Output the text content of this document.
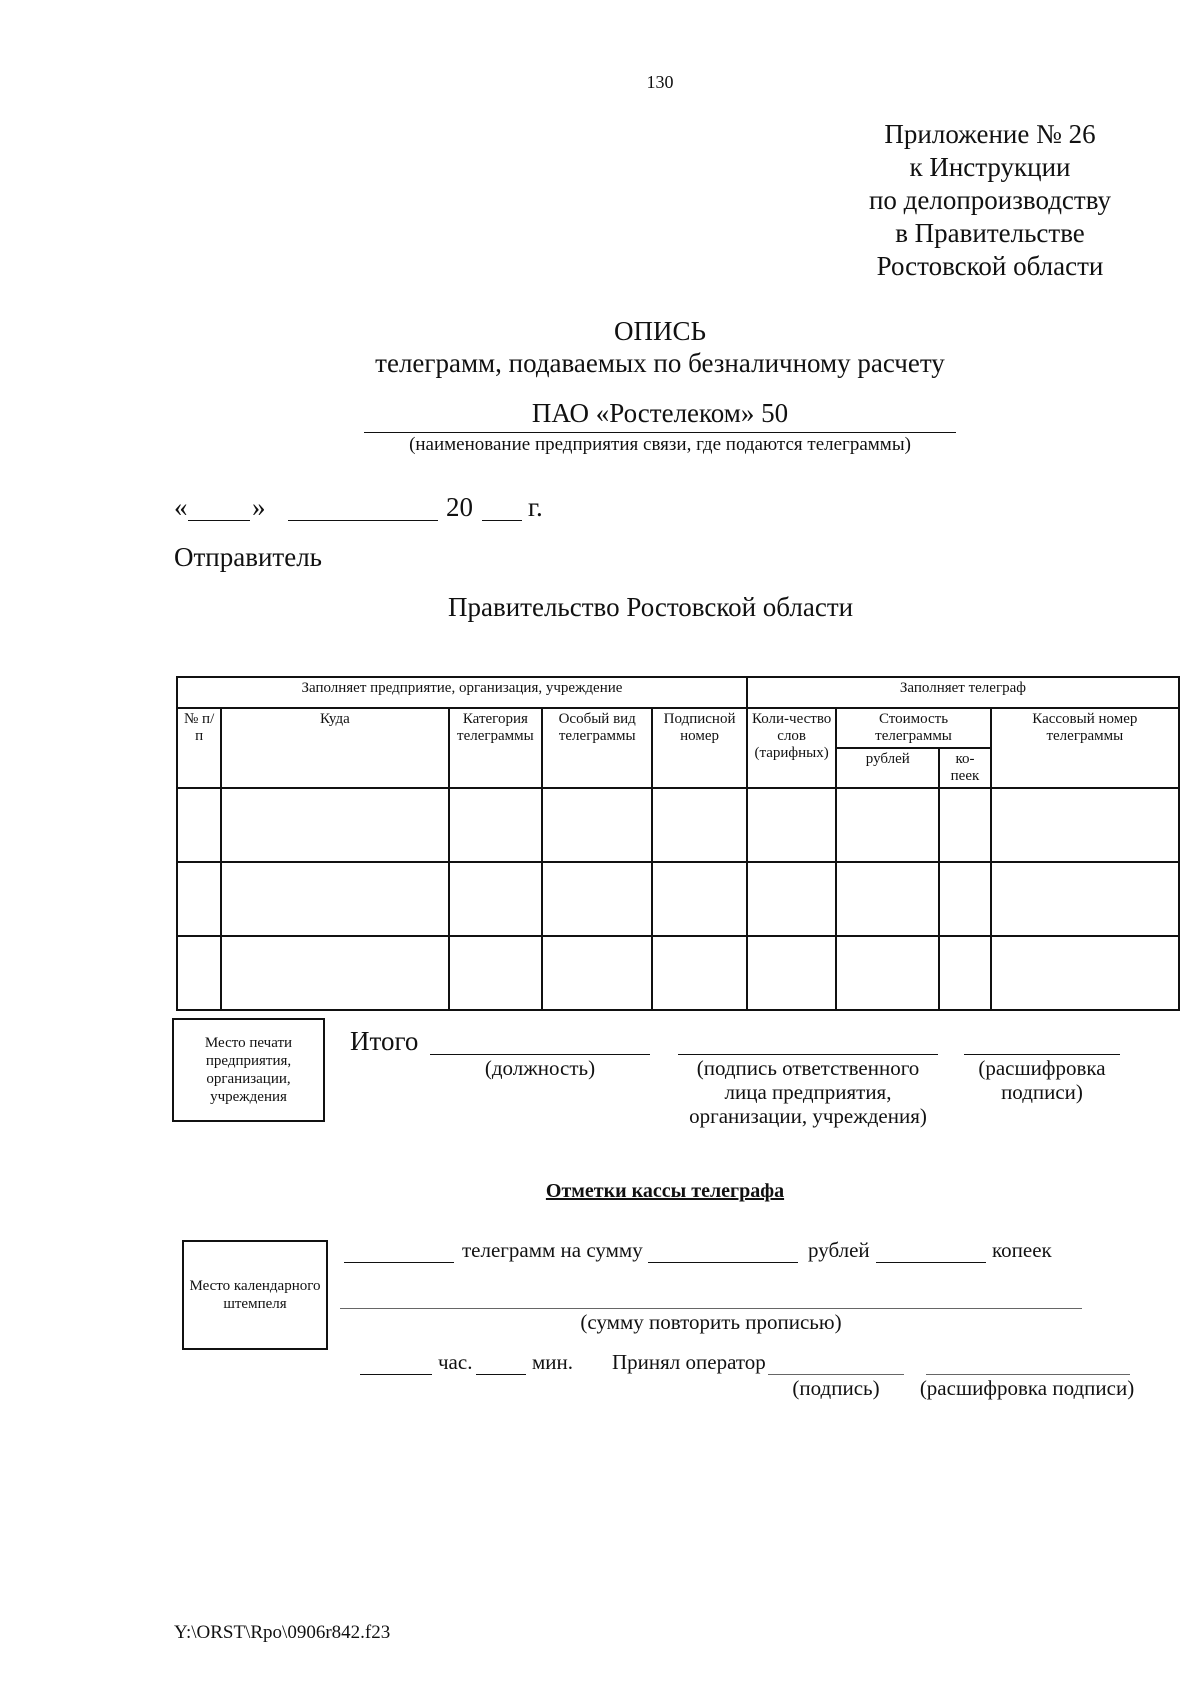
130
Приложение № 26
к Инструкции
по делопроизводству
в Правительстве
Ростовской области
ОПИСЬ
телеграмм, подаваемых по безналичному расчету
ПАО «Ростелеком» 50
(наименование предприятия связи, где подаются телеграммы)
« »	20 г.
Отправитель
Правительство Ростовской области
Заполняет предприятие, организация, учреждение					Заполняет телеграф			
№ п/п	Куда	Категория телеграммы	Особый вид телеграммы	Подписной номер	Коли-чество слов (тарифных)	Стоимость телеграммы		Кассовый номер телеграммы
						рублей	ко-пеек	

Место печати предприятия, организации, учреждения
Итого
(должность)	(подпись ответственного лица предприятия, организации, учреждения)
(расшифровка подписи)
Отметки кассы телеграфа
Место календарного штемпеля
телеграмм на сумму	рублей	копеек
(сумму повторить прописью)
час.	мин. Принял оператор
(подпись)	(расшифровка подписи)
Y:\ORST\Rpo\0906r842.f23
